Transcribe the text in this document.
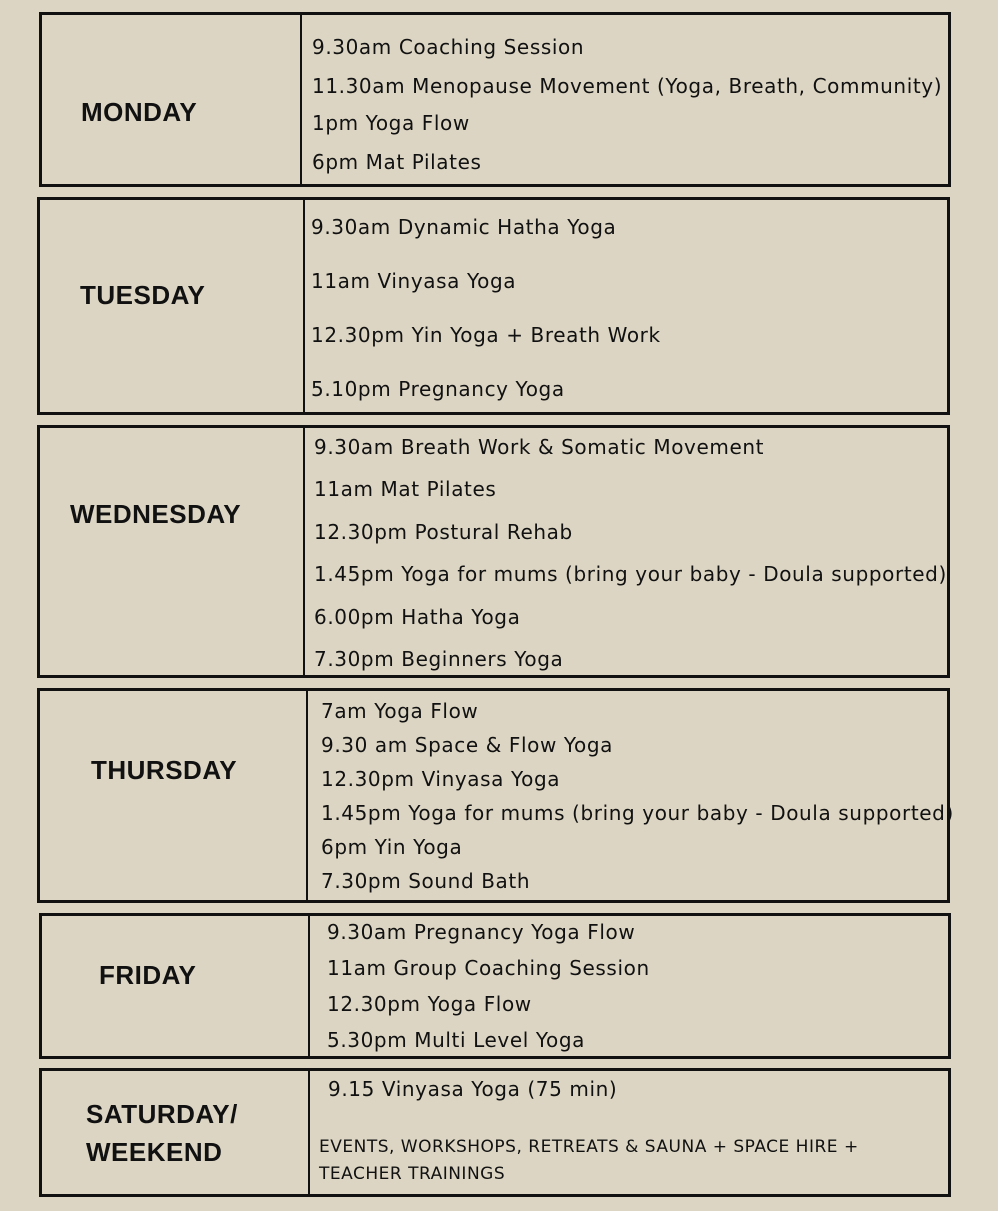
MONDAY
9.30am Coaching Session
11.30am Menopause Movement (Yoga, Breath, Community)
1pm Yoga Flow
6pm Mat Pilates
TUESDAY
9.30am Dynamic Hatha Yoga
11am Vinyasa Yoga
12.30pm Yin Yoga + Breath Work
5.10pm Pregnancy Yoga
WEDNESDAY
9.30am Breath Work & Somatic Movement
11am Mat Pilates
12.30pm Postural Rehab
1.45pm Yoga for mums (bring your baby - Doula supported)
6.00pm Hatha Yoga
7.30pm Beginners Yoga
THURSDAY
7am Yoga Flow
9.30 am Space & Flow Yoga
12.30pm Vinyasa Yoga
1.45pm Yoga for mums (bring your baby - Doula supported)
6pm Yin Yoga
7.30pm Sound Bath
FRIDAY
9.30am Pregnancy Yoga Flow
11am Group Coaching Session
12.30pm Yoga Flow
5.30pm Multi Level Yoga
SATURDAY/
WEEKEND
9.15 Vinyasa Yoga (75 min)
EVENTS, WORKSHOPS, RETREATS & SAUNA + SPACE HIRE +
TEACHER TRAININGS
